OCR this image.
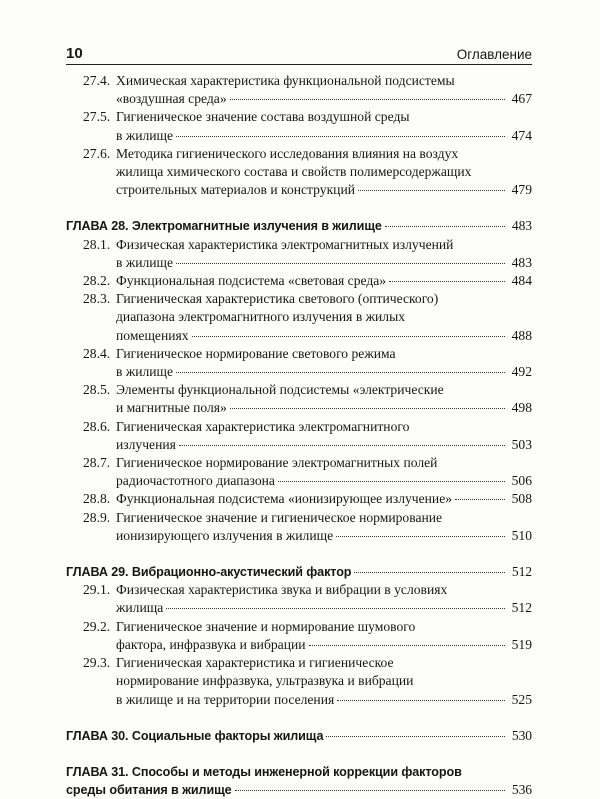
10	Оглавление
27.4. Химическая характеристика функциональной подсистемы
«воздушная среда»	467
27.5. Гигиеническое значение состава воздушной среды
в жилище	474
27.6. Методика гигиенического исследования влияния на воздух
жилища химического состава и свойств полимерсодержащих
строительных материалов и конструкций	479
ГЛАВА 28. Электромагнитные излучения в жилище	483
28.1. Физическая характеристика электромагнитных излучений
в жилище	483
28.2. Функциональная подсистема «световая среда»	484
28.3. Гигиеническая характеристика светового (оптического)
диапазона электромагнитного излучения в жилых
помещениях	488
28.4. Гигиеническое нормирование светового режима
в жилище	492
28.5. Элементы функциональной подсистемы «электрические
и магнитные поля»	498
28.6. Гигиеническая характеристика электромагнитного
излучения	503
28.7. Гигиеническое нормирование электромагнитных полей
радиочастотного диапазона	506
28.8. Функциональная подсистема «ионизирующее излучение»	508
28.9. Гигиеническое значение и гигиеническое нормирование
ионизирующего излучения в жилище	510
ГЛАВА 29. Вибрационно-акустический фактор	512
29.1. Физическая характеристика звука и вибрации в условиях
жилища	512
29.2. Гигиеническое значение и нормирование шумового
фактора, инфразвука и вибрации	519
29.3. Гигиеническая характеристика и гигиеническое
нормирование инфразвука, ультразвука и вибрации
в жилище и на территории поселения	525
ГЛАВА 30. Социальные факторы жилища	530
ГЛАВА 31. Способы и методы инженерной коррекции факторов
среды обитания в жилище	536
